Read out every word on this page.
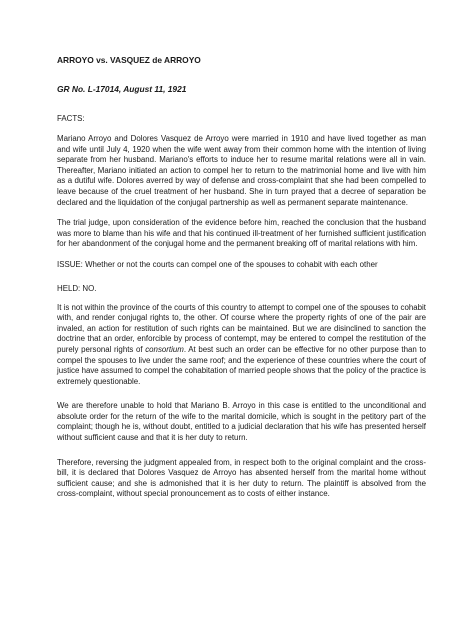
ARROYO vs. VASQUEZ de ARROYO
GR No. L-17014, August 11, 1921
FACTS:

Mariano Arroyo and Dolores Vasquez de Arroyo were married in 1910 and have lived together as man and wife until July 4, 1920 when the wife went away from their common home with the intention of living separate from her husband. Mariano's efforts to induce her to resume marital relations were all in vain. Thereafter, Mariano initiated an action to compel her to return to the matrimonial home and live with him as a dutiful wife. Dolores averred by way of defense and cross-complaint that she had been compelled to leave because of the cruel treatment of her husband. She in turn prayed that a decree of separation be declared and the liquidation of the conjugal partnership as well as permanent separate maintenance.

The trial judge, upon consideration of the evidence before him, reached the conclusion that the husband was more to blame than his wife and that his continued ill-treatment of her furnished sufficient justification for her abandonment of the conjugal home and the permanent breaking off of marital relations with him.

ISSUE: Whether or not the courts can compel one of the spouses to cohabit with each other

HELD: NO.

It is not within the province of the courts of this country to attempt to compel one of the spouses to cohabit with, and render conjugal rights to, the other. Of course where the property rights of one of the pair are invaled, an action for restitution of such rights can be maintained. But we are disinclined to sanction the doctrine that an order, enforcible by process of contempt, may be entered to compel the restitution of the purely personal rights of consortium. At best such an order can be effective for no other purpose than to compel the spouses to live under the same roof; and the experience of these countries where the court of justice have assumed to compel the cohabitation of married people shows that the policy of the practice is extremely questionable.

We are therefore unable to hold that Mariano B. Arroyo in this case is entitled to the unconditional and absolute order for the return of the wife to the marital domicile, which is sought in the petitory part of the complaint; though he is, without doubt, entitled to a judicial declaration that his wife has presented herself without sufficient cause and that it is her duty to return.

Therefore, reversing the judgment appealed from, in respect both to the original complaint and the cross-bill, it is declared that Dolores Vasquez de Arroyo has absented herself from the marital home without sufficient cause; and she is admonished that it is her duty to return. The plaintiff is absolved from the cross-complaint, without special pronouncement as to costs of either instance.
